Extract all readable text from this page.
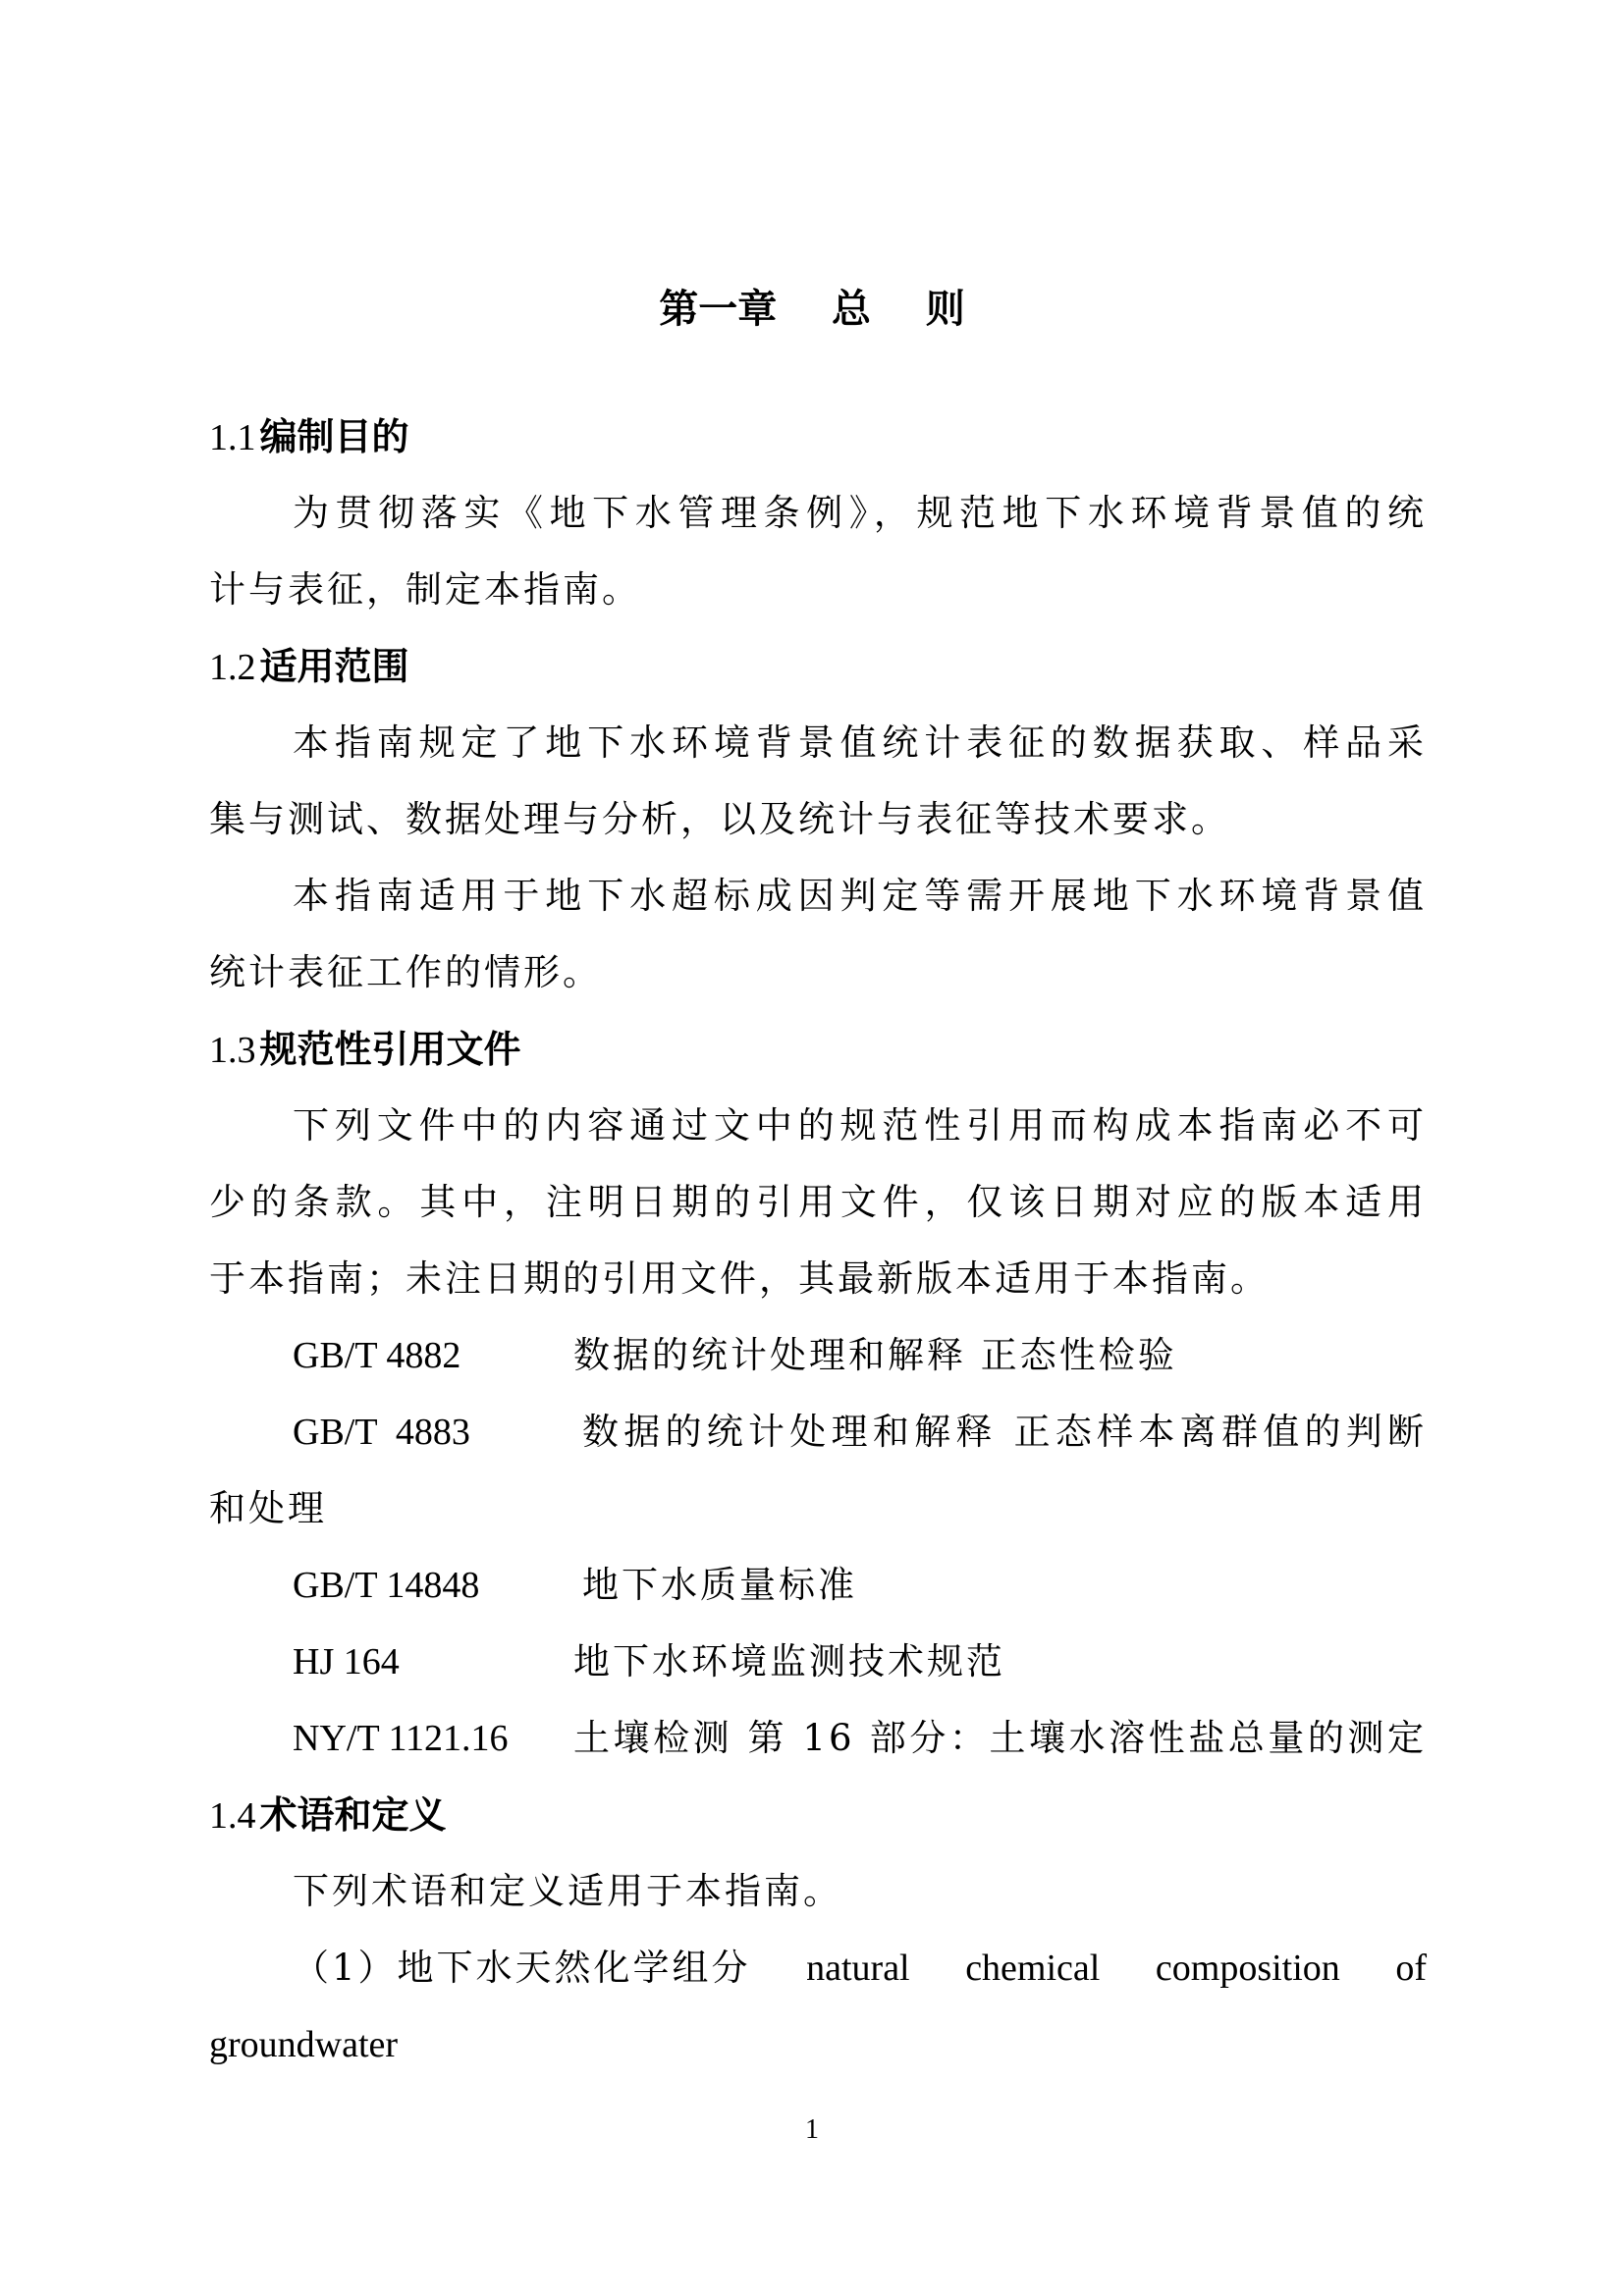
第一章    总    则
1.1 编制目的
为贯彻落实《地下水管理条例》，规范地下水环境背景值的统
计与表征，制定本指南。
1.2 适用范围
本指南规定了地下水环境背景值统计表征的数据获取、样品采
集与测试、数据处理与分析，以及统计与表征等技术要求。
本指南适用于地下水超标成因判定等需开展地下水环境背景值
统计表征工作的情形。
1.3 规范性引用文件
下列文件中的内容通过文中的规范性引用而构成本指南必不可
少的条款。其中，注明日期的引用文件，仅该日期对应的版本适用
于本指南；未注日期的引用文件，其最新版本适用于本指南。
GB/T 4882	数据的统计处理和解释 正态性检验
GB/T  4883	数据的统计处理和解释 正态样本离群值的判断
和处理
GB/T 14848	地下水质量标准
HJ 164	地下水环境监测技术规范
NY/T 1121.16 土壤检测 第 16 部分：土壤水溶性盐总量的测定
1.4 术语和定义
下列术语和定义适用于本指南。
（1）地下水天然化学组分 natural chemical composition of
groundwater
1
